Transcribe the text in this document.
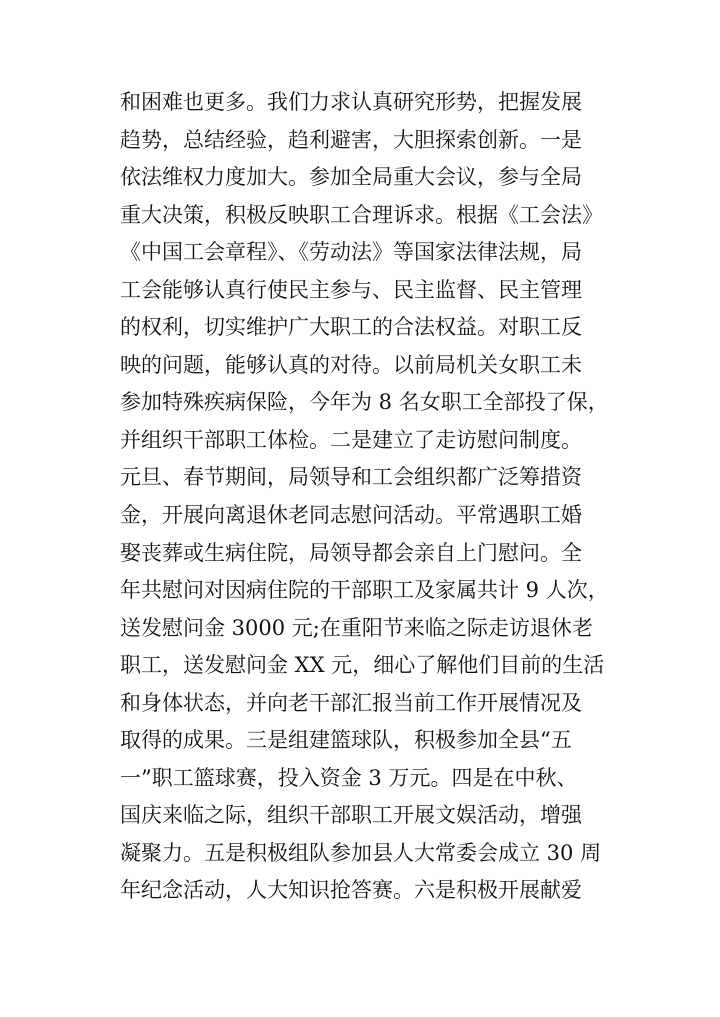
和困难也更多。我们力求认真研究形势，把握发展
趋势，总结经验，趋利避害，大胆探索创新。一是
依法维权力度加大。参加全局重大会议，参与全局
重大决策，积极反映职工合理诉求。根据《工会法》
《中国工会章程》、《劳动法》等国家法律法规，局
工会能够认真行使民主参与、民主监督、民主管理
的权利，切实维护广大职工的合法权益。对职工反
映的问题，能够认真的对待。以前局机关女职工未
参加特殊疾病保险，今年为 8 名女职工全部投了保，
并组织干部职工体检。二是建立了走访慰问制度。
元旦、春节期间，局领导和工会组织都广泛筹措资
金，开展向离退休老同志慰问活动。平常遇职工婚
娶丧葬或生病住院，局领导都会亲自上门慰问。全
年共慰问对因病住院的干部职工及家属共计 9 人次，
送发慰问金 3000 元;在重阳节来临之际走访退休老
职工，送发慰问金 XX 元，细心了解他们目前的生活
和身体状态，并向老干部汇报当前工作开展情况及
取得的成果。三是组建篮球队，积极参加全县“五
一”职工篮球赛，投入资金 3 万元。四是在中秋、
国庆来临之际，组织干部职工开展文娱活动，增强
凝聚力。五是积极组队参加县人大常委会成立 30 周
年纪念活动，人大知识抢答赛。六是积极开展献爱
